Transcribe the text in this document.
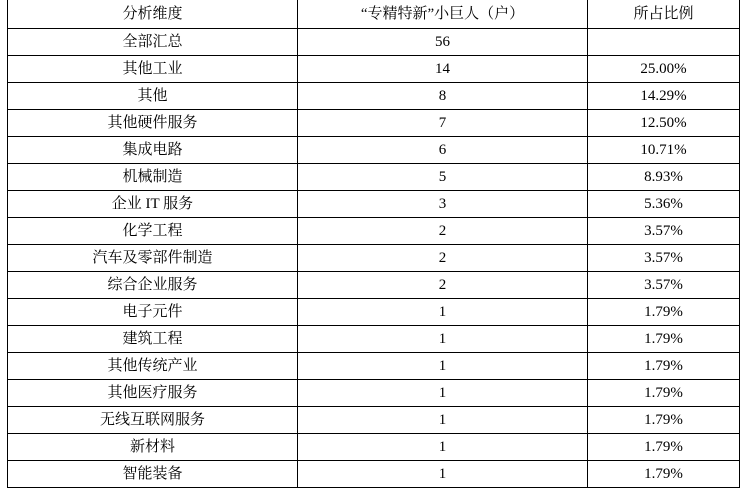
分析维度	“专精特新”小巨人（户）	所占比例
全部汇总	56	
其他工业	14	25.00%
其他	8	14.29%
其他硬件服务	7	12.50%
集成电路	6	10.71%
机械制造	5	8.93%
企业 IT 服务	3	5.36%
化学工程	2	3.57%
汽车及零部件制造	2	3.57%
综合企业服务	2	3.57%
电子元件	1	1.79%
建筑工程	1	1.79%
其他传统产业	1	1.79%
其他医疗服务	1	1.79%
无线互联网服务	1	1.79%
新材料	1	1.79%
智能装备	1	1.79%
